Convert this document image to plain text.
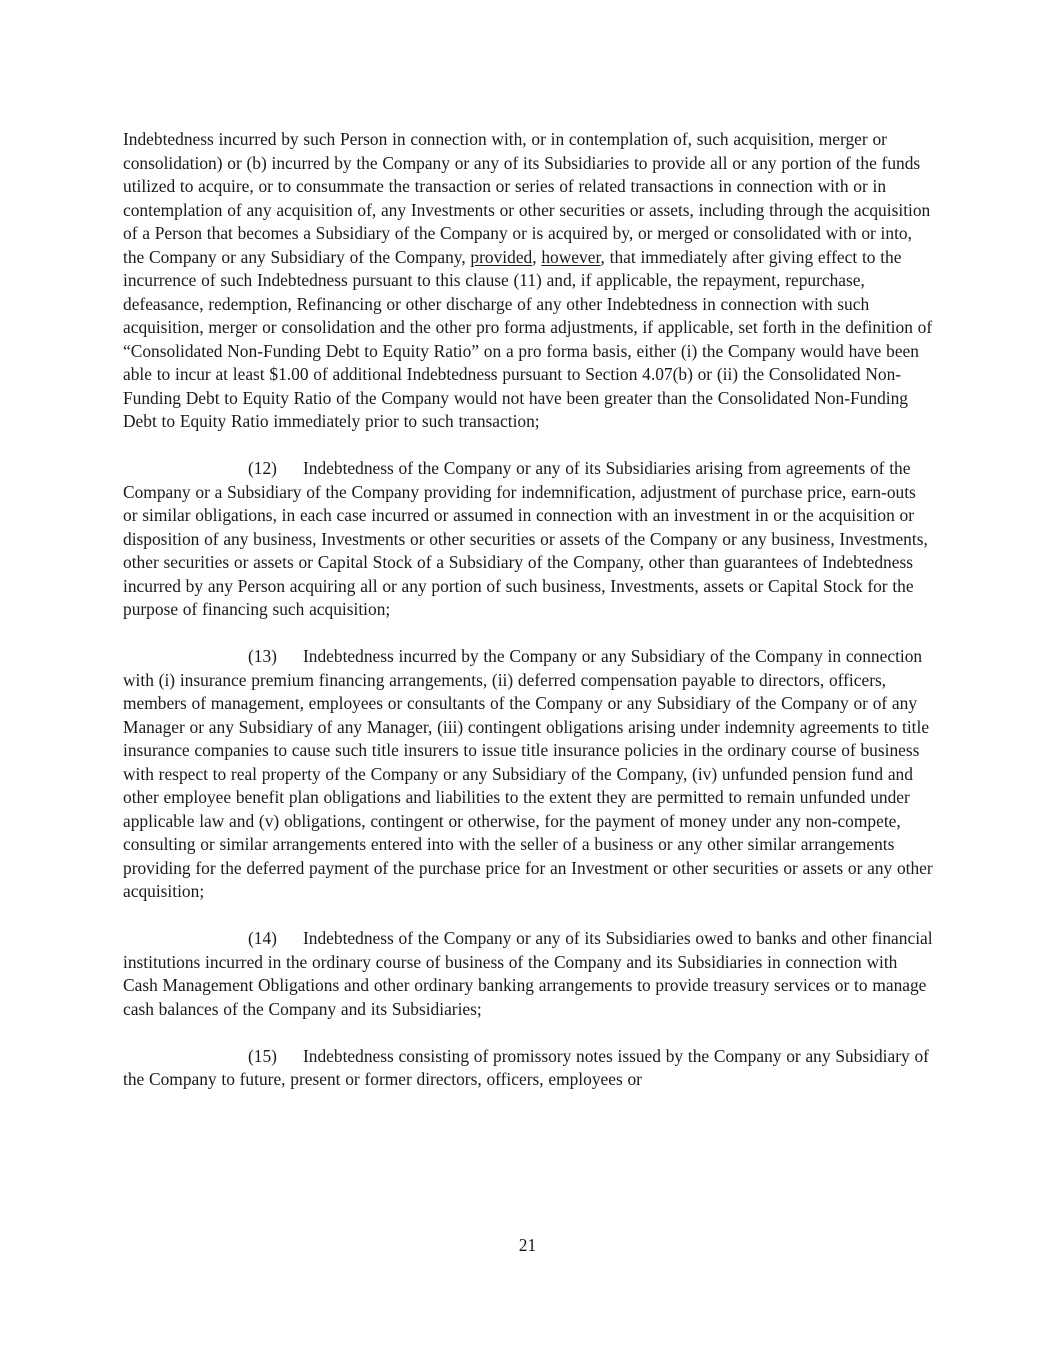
Indebtedness incurred by such Person in connection with, or in contemplation of, such acquisition, merger or consolidation) or (b) incurred by the Company or any of its Subsidiaries to provide all or any portion of the funds utilized to acquire, or to consummate the transaction or series of related transactions in connection with or in contemplation of any acquisition of, any Investments or other securities or assets, including through the acquisition of a Person that becomes a Subsidiary of the Company or is acquired by, or merged or consolidated with or into, the Company or any Subsidiary of the Company, provided, however, that immediately after giving effect to the incurrence of such Indebtedness pursuant to this clause (11) and, if applicable, the repayment, repurchase, defeasance, redemption, Refinancing or other discharge of any other Indebtedness in connection with such acquisition, merger or consolidation and the other pro forma adjustments, if applicable, set forth in the definition of “Consolidated Non-Funding Debt to Equity Ratio” on a pro forma basis, either (i) the Company would have been able to incur at least $1.00 of additional Indebtedness pursuant to Section 4.07(b) or (ii) the Consolidated Non-Funding Debt to Equity Ratio of the Company would not have been greater than the Consolidated Non-Funding Debt to Equity Ratio immediately prior to such transaction;

(12) Indebtedness of the Company or any of its Subsidiaries arising from agreements of the Company or a Subsidiary of the Company providing for indemnification, adjustment of purchase price, earn-outs or similar obligations, in each case incurred or assumed in connection with an investment in or the acquisition or disposition of any business, Investments or other securities or assets of the Company or any business, Investments, other securities or assets or Capital Stock of a Subsidiary of the Company, other than guarantees of Indebtedness incurred by any Person acquiring all or any portion of such business, Investments, assets or Capital Stock for the purpose of financing such acquisition;

(13) Indebtedness incurred by the Company or any Subsidiary of the Company in connection with (i) insurance premium financing arrangements, (ii) deferred compensation payable to directors, officers, members of management, employees or consultants of the Company or any Subsidiary of the Company or of any Manager or any Subsidiary of any Manager, (iii) contingent obligations arising under indemnity agreements to title insurance companies to cause such title insurers to issue title insurance policies in the ordinary course of business with respect to real property of the Company or any Subsidiary of the Company, (iv) unfunded pension fund and other employee benefit plan obligations and liabilities to the extent they are permitted to remain unfunded under applicable law and (v) obligations, contingent or otherwise, for the payment of money under any non-compete, consulting or similar arrangements entered into with the seller of a business or any other similar arrangements providing for the deferred payment of the purchase price for an Investment or other securities or assets or any other acquisition;

(14) Indebtedness of the Company or any of its Subsidiaries owed to banks and other financial institutions incurred in the ordinary course of business of the Company and its Subsidiaries in connection with Cash Management Obligations and other ordinary banking arrangements to provide treasury services or to manage cash balances of the Company and its Subsidiaries;

(15) Indebtedness consisting of promissory notes issued by the Company or any Subsidiary of the Company to future, present or former directors, officers, employees or

21
